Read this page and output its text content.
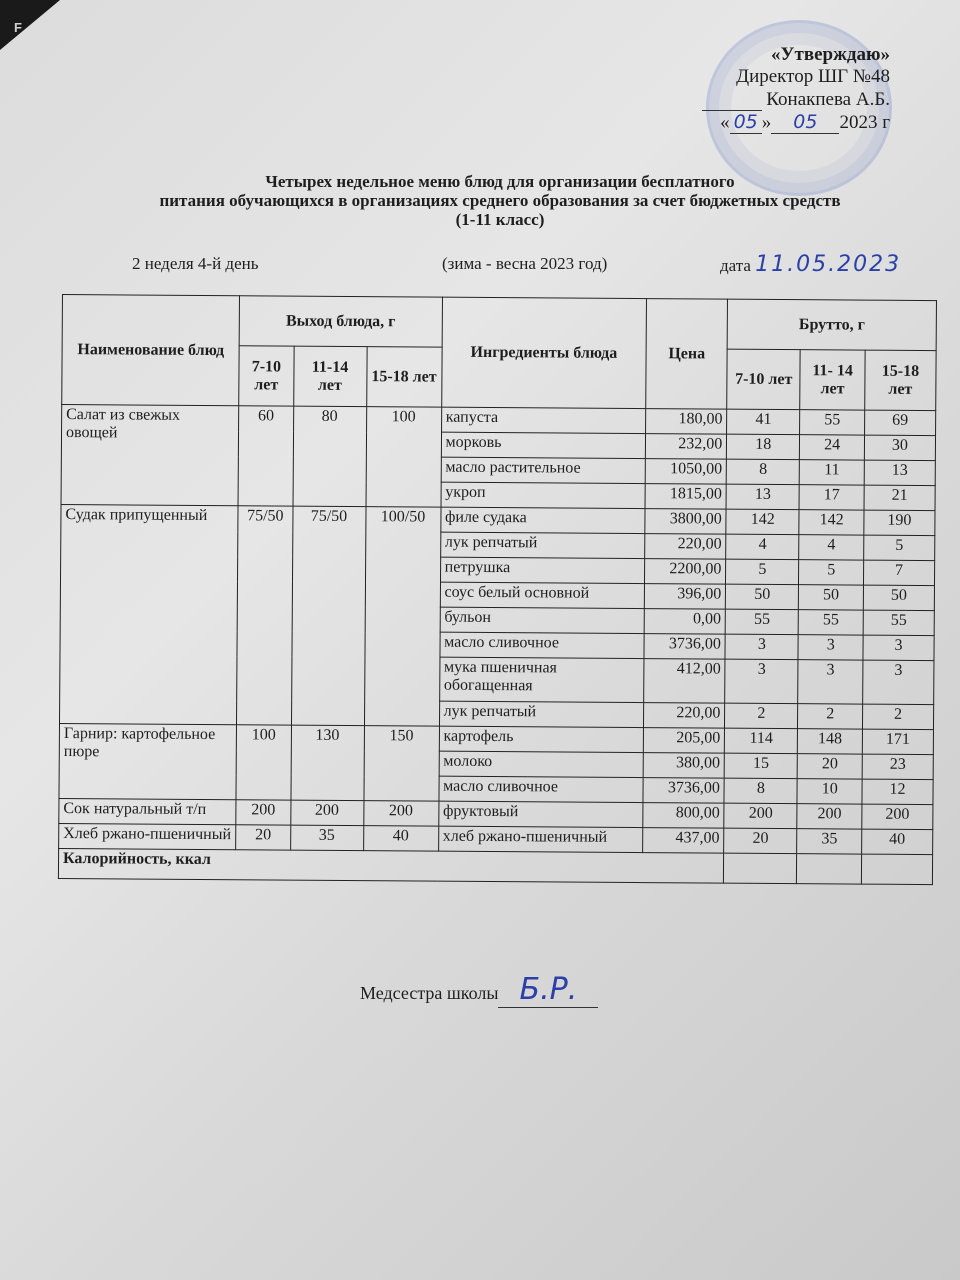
F
«Утверждаю»
Директор ШГ №48
Конакпева А.Б.
« 05 » 05 2023 г
Четырех недельное меню блюд для организации бесплатного
питания обучающихся в организациях среднего образования за счет бюджетных средств
(1-11 класс)
2 неделя 4-й день	(зима - весна 2023 год)	дата 11.05.2023
Наименование блюд	Выход блюда, г			Ингредиенты блюда	Цена	Брутто, г		
	7-10 лет	11-14 лет	15-18 лет			7-10 лет	11- 14 лет	15-18 лет
Салат из свежых овощей	60	80	100	капуста	180,00	41	55	69
				морковь	232,00	18	24	30
				масло растительное	1050,00	8	11	13
				укроп	1815,00	13	17	21
Судак припущенный	75/50	75/50	100/50	филе судака	3800,00	142	142	190
				лук репчатый	220,00	4	4	5
				петрушка	2200,00	5	5	7
				соус белый основной	396,00	50	50	50
				бульон	0,00	55	55	55
				масло сливочное	3736,00	3	3	3
				мука пшеничная обогащенная	412,00	3	3	3
				лук репчатый	220,00	2	2	2
Гарнир: картофельное пюре	100	130	150	картофель	205,00	114	148	171
				молоко	380,00	15	20	23
				масло сливочное	3736,00	8	10	12
Сок натуральный т/п	200	200	200	фруктовый	800,00	200	200	200
Хлеб ржано-пшеничный	20	35	40	хлеб ржано-пшеничный	437,00	20	35	40
Калорийность, ккал								
Медсестра школы Б.Р.
